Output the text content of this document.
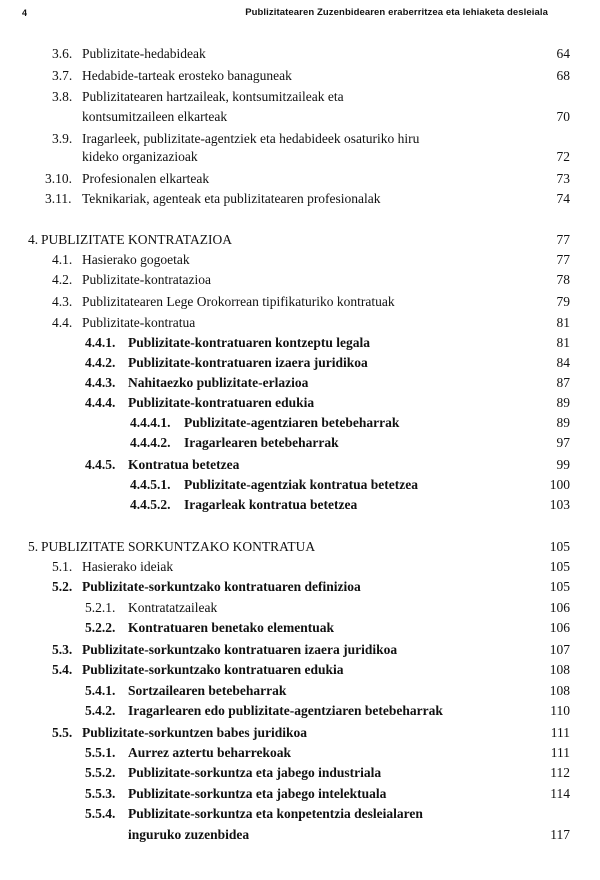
4	Publizitatearen Zuzenbidearen eraberritzea eta lehiaketa desleiala
3.6. Publizitate-hedabideak . . .	64
3.7. Hedabide-tarteak erosteko banaguneak . . .	68
3.8. Publizitatearen hartzaileak, kontsumitzaileak eta
kontsumitzaileen elkarteak . . .	70
3.9. Iragarleek, publizitate-agentziek eta hedabideek osaturiko hiru
kideko organizazioak . . .	72
3.10. Profesionalen elkarteak . . .	73
3.11. Teknikariak, agenteak eta publizitatearen profesionalak . . .	74
4. PUBLIZITATE KONTRATAZIOA . . .	77
4.1. Hasierako gogoetak . . .	77
4.2. Publizitate-kontratazioa . . .	78
4.3. Publizitatearen Lege Orokorrean tipifikaturiko kontratuak . . .	79
4.4. Publizitate-kontratua . . .	81
4.4.1. Publizitate-kontratuaren kontzeptu legala . . .	81
4.4.2. Publizitate-kontratuaren izaera juridikoa . . .	84
4.4.3. Nahitaezko publizitate-erlazioa . . .	87
4.4.4. Publizitate-kontratuaren edukia . . .	89
4.4.4.1. Publizitate-agentziaren betebeharrak . . .	89
4.4.4.2. Iragarlearen betebeharrak . . .	97
4.4.5. Kontratua betetzea . . .	99
4.4.5.1. Publizitate-agentziak kontratua betetzea . . .	100
4.4.5.2. Iragarleak kontratua betetzea . . .	103
5. PUBLIZITATE SORKUNTZAKO KONTRATUA . . .	105
5.1. Hasierako ideiak . . .	105
5.2. Publizitate-sorkuntzako kontratuaren definizioa . . .	105
5.2.1. Kontratatzaileak . . .	106
5.2.2. Kontratuaren benetako elementuak . . .	106
5.3. Publizitate-sorkuntzako kontratuaren izaera juridikoa . . .	107
5.4. Publizitate-sorkuntzako kontratuaren edukia . . .	108
5.4.1. Sortzailearen betebeharrak . . .	108
5.4.2. Iragarlearen edo publizitate-agentziaren betebeharrak . . .	110
5.5. Publizitate-sorkuntzen babes juridikoa . . .	111
5.5.1. Aurrez aztertu beharrekoak . . .	111
5.5.2. Publizitate-sorkuntza eta jabego industriala . . .	112
5.5.3. Publizitate-sorkuntza eta jabego intelektuala . . .	114
5.5.4. Publizitate-sorkuntza eta konpetentzia desleialaren
inguruko zuzenbidea . . .	117
